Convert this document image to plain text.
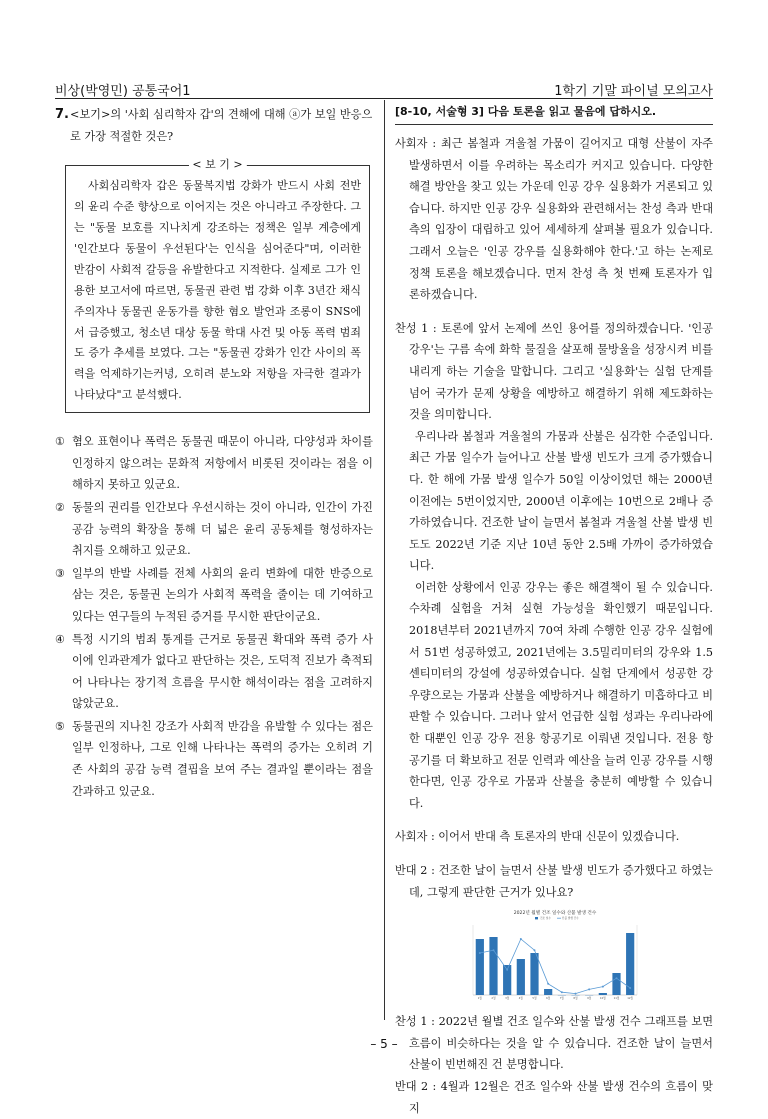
비상(박영민) 공통국어1	1학기 기말 파이널 모의고사
7. <보기>의 '사회 심리학자 갑'의 견해에 대해 ⓐ가 보일 반응으로 가장 적절한 것은?
< 보 기 >
사회심리학자 갑은 동물복지법 강화가 반드시 사회 전반의 윤리 수준 향상으로 이어지는 것은 아니라고 주장한다. 그는 "동물 보호를 지나치게 강조하는 정책은 일부 계층에게 '인간보다 동물이 우선된다'는 인식을 심어준다"며, 이러한 반감이 사회적 갈등을 유발한다고 지적한다. 실제로 그가 인용한 보고서에 따르면, 동물권 관련 법 강화 이후 3년간 채식주의자나 동물권 운동가를 향한 혐오 발언과 조롱이 SNS에서 급증했고, 청소년 대상 동물 학대 사건 및 아동 폭력 범죄도 증가 추세를 보였다. 그는 "동물권 강화가 인간 사이의 폭력을 억제하기는커녕, 오히려 분노와 저항을 자극한 결과가 나타났다"고 분석했다.
① 혐오 표현이나 폭력은 동물권 때문이 아니라, 다양성과 차이를 인정하지 않으려는 문화적 저항에서 비롯된 것이라는 점을 이해하지 못하고 있군요.
② 동물의 권리를 인간보다 우선시하는 것이 아니라, 인간이 가진 공감 능력의 확장을 통해 더 넓은 윤리 공동체를 형성하자는 취지를 오해하고 있군요.
③ 일부의 반발 사례를 전체 사회의 윤리 변화에 대한 반증으로 삼는 것은, 동물권 논의가 사회적 폭력을 줄이는 데 기여하고 있다는 연구들의 누적된 증거를 무시한 판단이군요.
④ 특정 시기의 범죄 통계를 근거로 동물권 확대와 폭력 증가 사이에 인과관계가 없다고 판단하는 것은, 도덕적 진보가 축적되어 나타나는 장기적 흐름을 무시한 해석이라는 점을 고려하지 않았군요.
⑤ 동물권의 지나친 강조가 사회적 반감을 유발할 수 있다는 점은 일부 인정하나, 그로 인해 나타나는 폭력의 증가는 오히려 기존 사회의 공감 능력 결핍을 보여 주는 결과일 뿐이라는 점을 간과하고 있군요.
[8-10, 서술형 3] 다음 토론을 읽고 물음에 답하시오.

사회자 : 최근 봄철과 겨울철 가뭄이 길어지고 대형 산불이 자주 발생하면서 이를 우려하는 목소리가 커지고 있습니다. 다양한 해결 방안을 찾고 있는 가운데 인공 강우 실용화가 거론되고 있습니다. 하지만 인공 강우 실용화와 관련해서는 찬성 측과 반대 측의 입장이 대립하고 있어 세세하게 살펴볼 필요가 있습니다. 그래서 오늘은 '인공 강우를 실용화해야 한다.'고 하는 논제로 정책 토론을 해보겠습니다. 먼저 찬성 측 첫 번째 토론자가 입론하겠습니다.

찬성 1 : 토론에 앞서 논제에 쓰인 용어를 정의하겠습니다. '인공 강우'는 구름 속에 화학 물질을 살포해 물방울을 성장시켜 비를 내리게 하는 기술을 말합니다. 그리고 '실용화'는 실험 단계를 넘어 국가가 문제 상황을 예방하고 해결하기 위해 제도화하는 것을 의미합니다.

우리나라 봄철과 겨울철의 가뭄과 산불은 심각한 수준입니다. 최근 가뭄 일수가 늘어나고 산불 발생 빈도가 크게 증가했습니다. 한 해에 가뭄 발생 일수가 50일 이상이었던 해는 2000년 이전에는 5번이었지만, 2000년 이후에는 10번으로 2배나 증가하였습니다. 건조한 날이 늘면서 봄철과 겨울철 산불 발생 빈도도 2022년 기준 지난 10년 동안 2.5배 가까이 증가하였습니다.

이러한 상황에서 인공 강우는 좋은 해결책이 될 수 있습니다. 수차례 실험을 거쳐 실현 가능성을 확인했기 때문입니다. 2018년부터 2021년까지 70여 차례 수행한 인공 강우 실험에서 51번 성공하였고, 2021년에는 3.5밀리미터의 강우와 1.5센티미터의 강설에 성공하였습니다. 실험 단계에서 성공한 강우량으로는 가뭄과 산불을 예방하거나 해결하기 미흡하다고 비판할 수 있습니다. 그러나 앞서 언급한 실험 성과는 우리나라에 한 대뿐인 인공 강우 전용 항공기로 이뤄낸 것입니다. 전용 항공기를 더 확보하고 전문 인력과 예산을 늘려 인공 강우를 시행한다면, 인공 강우로 가뭄과 산불을 충분히 예방할 수 있습니다.

사회자 : 이어서 반대 측 토론자의 반대 신문이 있겠습니다.

반대 2 : 건조한 날이 늘면서 산불 발생 빈도가 증가했다고 하였는데, 그렇게 판단한 근거가 있나요?

2022년 월별 건조 일수와 산불 발생 건수
건조 일수	산불 발생 건수
1월	2월	3월	4월	5월	6월	7월	8월	9월	10월	11월	12월

찬성 1 : 2022년 월별 건조 일수와 산불 발생 건수 그래프를 보면 흐름이 비슷하다는 것을 알 수 있습니다. 건조한 날이 늘면서 산불이 빈번해진 건 분명합니다.

반대 2 : 4월과 12월은 건조 일수와 산불 발생 건수의 흐름이 맞지

– 5 –
